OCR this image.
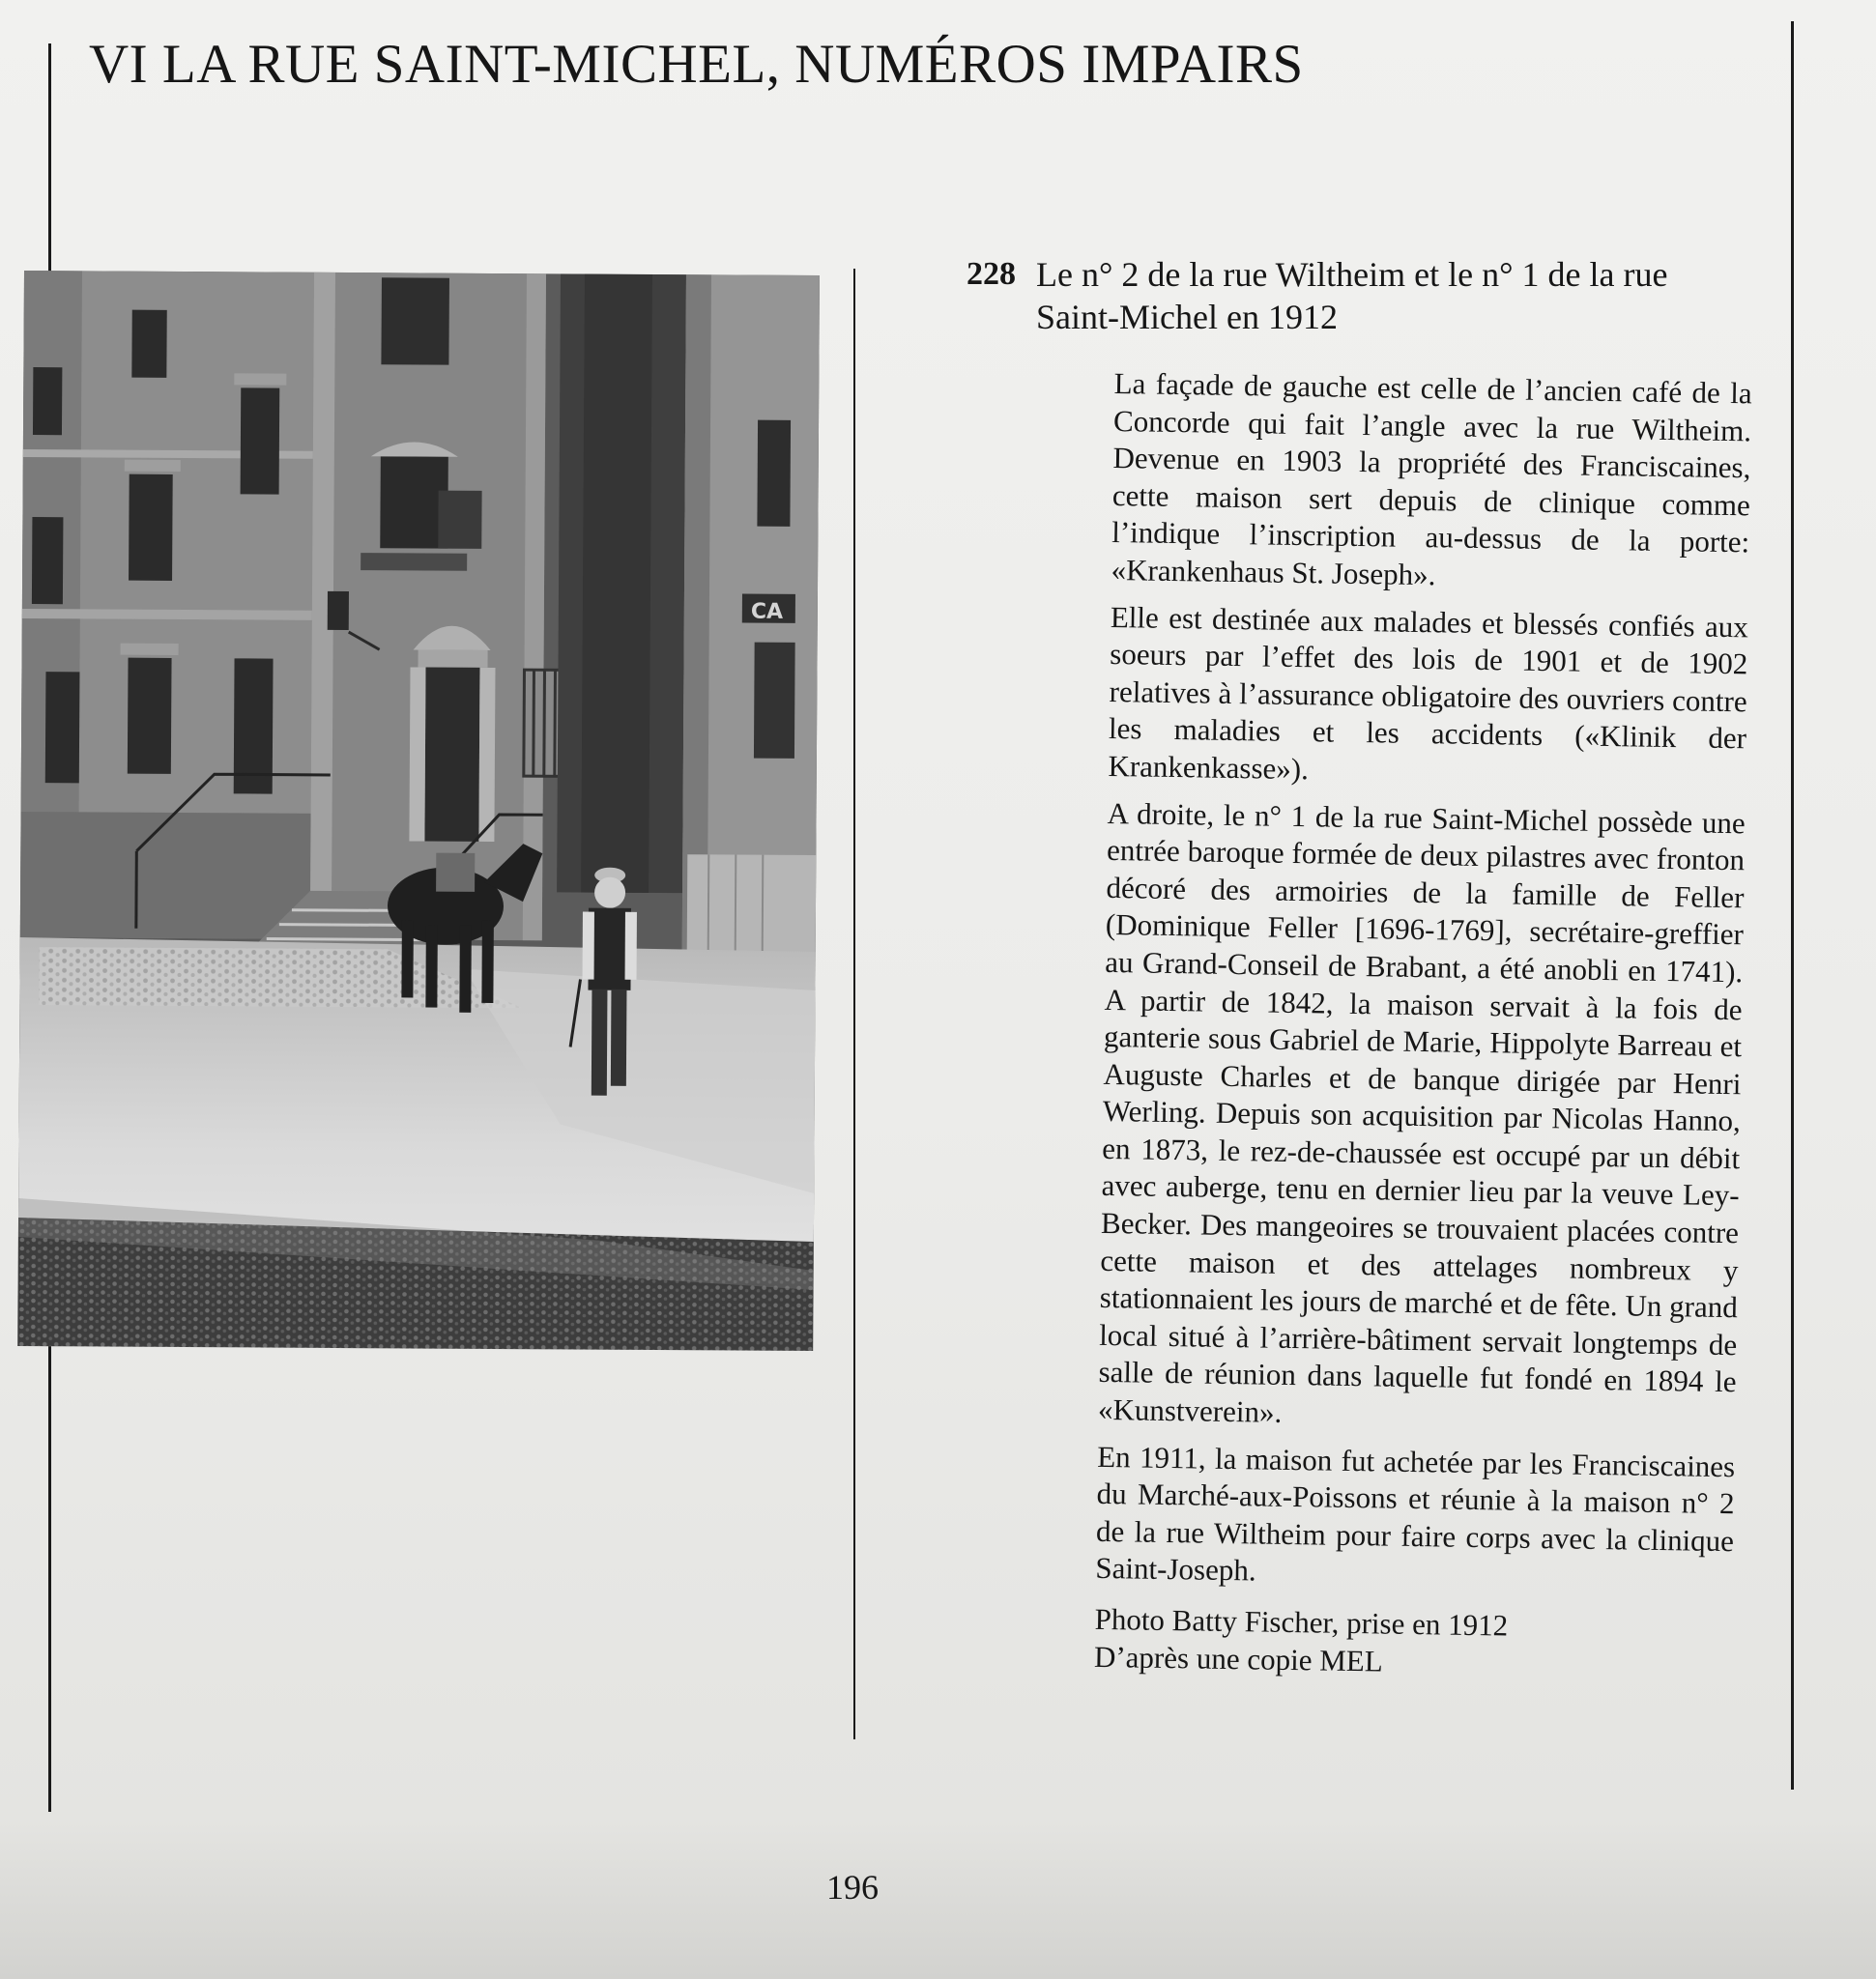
VI LA RUE SAINT-MICHEL, NUMÉROS IMPAIRS
CA
228 Le n° 2 de la rue Wiltheim et le n° 1 de la rue
Saint-Michel en 1912

La façade de gauche est celle de l’ancien café de la Concorde qui fait l’angle avec la rue Wiltheim. Devenue en 1903 la propriété des Franciscaines, cette maison sert depuis de clinique comme l’indique l’inscription au-dessus de la porte: «Krankenhaus St. Joseph».

Elle est destinée aux malades et blessés confiés aux soeurs par l’effet des lois de 1901 et de 1902 relatives à l’assurance obligatoire des ouvriers contre les maladies et les accidents («Klinik der Krankenkasse»).

A droite, le n° 1 de la rue Saint-Michel possède une entrée baroque formée de deux pilastres avec fronton décoré des armoiries de la famille de Feller (Dominique Feller [1696-1769], secrétaire-greffier au Grand-Conseil de Brabant, a été anobli en 1741). A partir de 1842, la maison servait à la fois de ganterie sous Gabriel de Marie, Hippolyte Barreau et Auguste Charles et de banque dirigée par Henri Werling. Depuis son acquisition par Nicolas Hanno, en 1873, le rez-de-chaussée est occupé par un débit avec auberge, tenu en dernier lieu par la veuve Ley-Becker. Des mangeoires se trouvaient placées contre cette maison et des attelages nombreux y stationnaient les jours de marché et de fête. Un grand local situé à l’arrière-bâtiment servait longtemps de salle de réunion dans laquelle fut fondé en 1894 le «Kunstverein».

En 1911, la maison fut achetée par les Franciscaines du Marché-aux-Poissons et réunie à la maison n° 2 de la rue Wiltheim pour faire corps avec la clinique Saint-Joseph.

Photo Batty Fischer, prise en 1912
D’après une copie MEL

196
